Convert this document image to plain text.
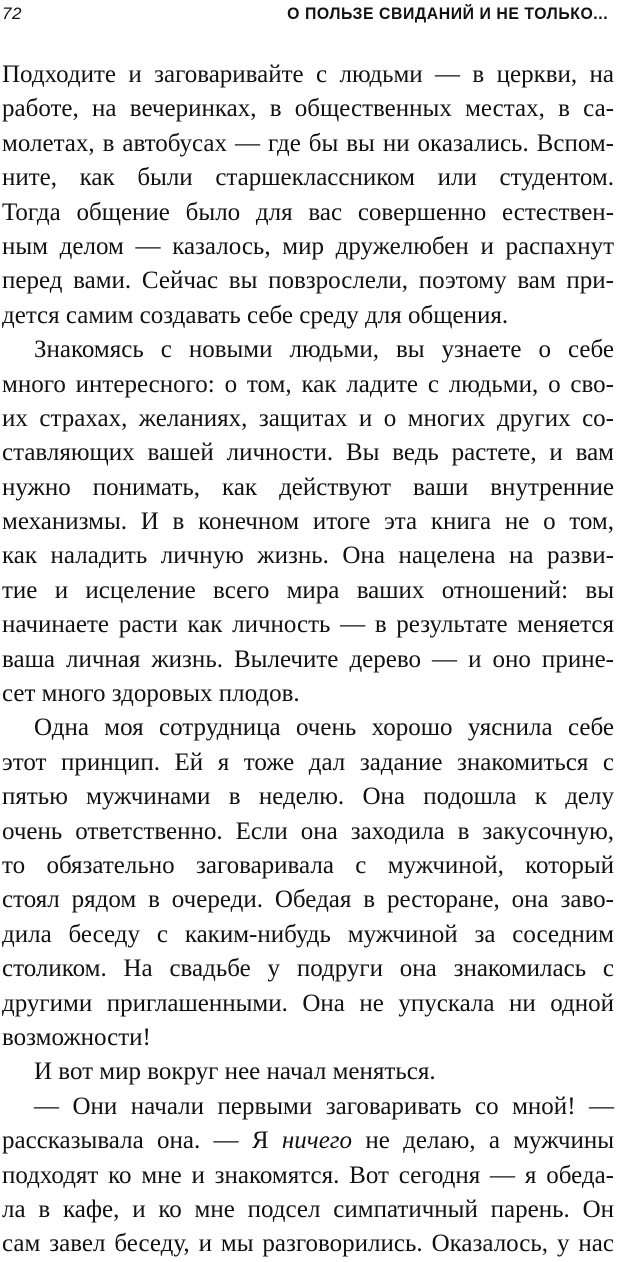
72	О ПОЛЬЗЕ СВИДАНИЙ И НЕ ТОЛЬКО...
Подходите и заговаривайте с людьми — в церкви, на
работе, на вечеринках, в общественных местах, в са-
молетах, в автобусах — где бы вы ни оказались. Вспом-
ните, как были старшеклассником или студентом.
Тогда общение было для вас совершенно естествен-
ным делом — казалось, мир дружелюбен и распахнут
перед вами. Сейчас вы повзрослели, поэтому вам при-
дется самим создавать себе среду для общения.
Знакомясь с новыми людьми, вы узнаете о себе
много интересного: о том, как ладите с людьми, о сво-
их страхах, желаниях, защитах и о многих других со-
ставляющих вашей личности. Вы ведь растете, и вам
нужно понимать, как действуют ваши внутренние
механизмы. И в конечном итоге эта книга не о том,
как наладить личную жизнь. Она нацелена на разви-
тие и исцеление всего мира ваших отношений: вы
начинаете расти как личность — в результате меняется
ваша личная жизнь. Вылечите дерево — и оно прине-
сет много здоровых плодов.
Одна моя сотрудница очень хорошо уяснила себе
этот принцип. Ей я тоже дал задание знакомиться с
пятью мужчинами в неделю. Она подошла к делу
очень ответственно. Если она заходила в закусочную,
то обязательно заговаривала с мужчиной, который
стоял рядом в очереди. Обедая в ресторане, она заво-
дила беседу с каким-нибудь мужчиной за соседним
столиком. На свадьбе у подруги она знакомилась с
другими приглашенными. Она не упускала ни одной
возможности!
И вот мир вокруг нее начал меняться.
— Они начали первыми заговаривать со мной! —
рассказывала она. — Я ничего не делаю, а мужчины
подходят ко мне и знакомятся. Вот сегодня — я обеда-
ла в кафе, и ко мне подсел симпатичный парень. Он
сам завел беседу, и мы разговорились. Оказалось, у нас
